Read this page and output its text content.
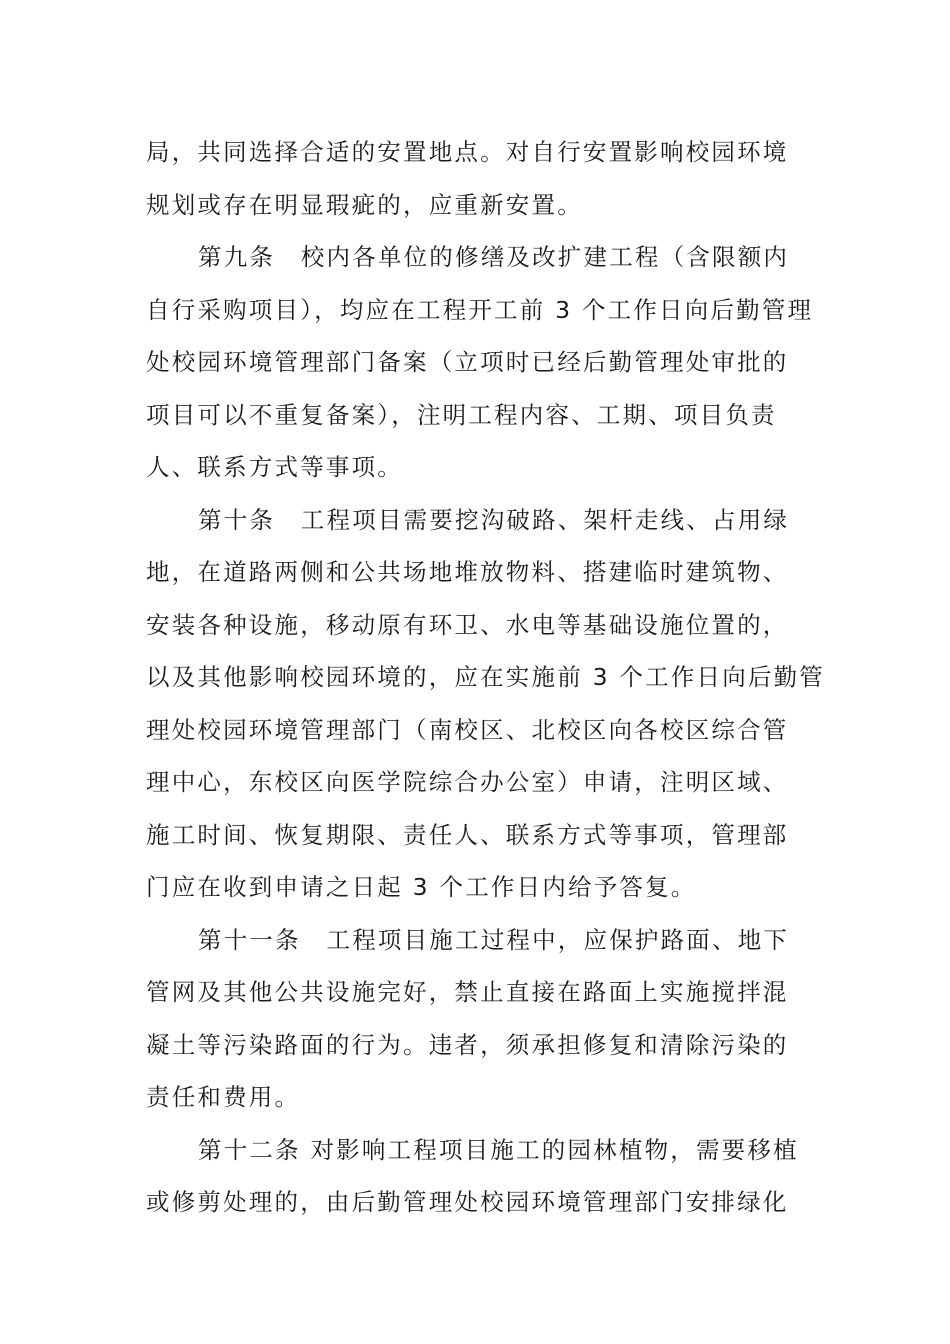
局，共同选择合适的安置地点。对自行安置影响校园环境
规划或存在明显瑕疵的，应重新安置。
第九条　校内各单位的修缮及改扩建工程（含限额内
自行采购项目），均应在工程开工前 3 个工作日向后勤管理
处校园环境管理部门备案（立项时已经后勤管理处审批的
项目可以不重复备案），注明工程内容、工期、项目负责
人、联系方式等事项。
第十条　工程项目需要挖沟破路、架杆走线、占用绿
地，在道路两侧和公共场地堆放物料、搭建临时建筑物、
安装各种设施，移动原有环卫、水电等基础设施位置的，
以及其他影响校园环境的，应在实施前 3 个工作日向后勤管
理处校园环境管理部门（南校区、北校区向各校区综合管
理中心，东校区向医学院综合办公室）申请，注明区域、
施工时间、恢复期限、责任人、联系方式等事项，管理部
门应在收到申请之日起 3 个工作日内给予答复。
第十一条　工程项目施工过程中，应保护路面、地下
管网及其他公共设施完好，禁止直接在路面上实施搅拌混
凝土等污染路面的行为。违者，须承担修复和清除污染的
责任和费用。
第十二条 对影响工程项目施工的园林植物，需要移植
或修剪处理的，由后勤管理处校园环境管理部门安排绿化
